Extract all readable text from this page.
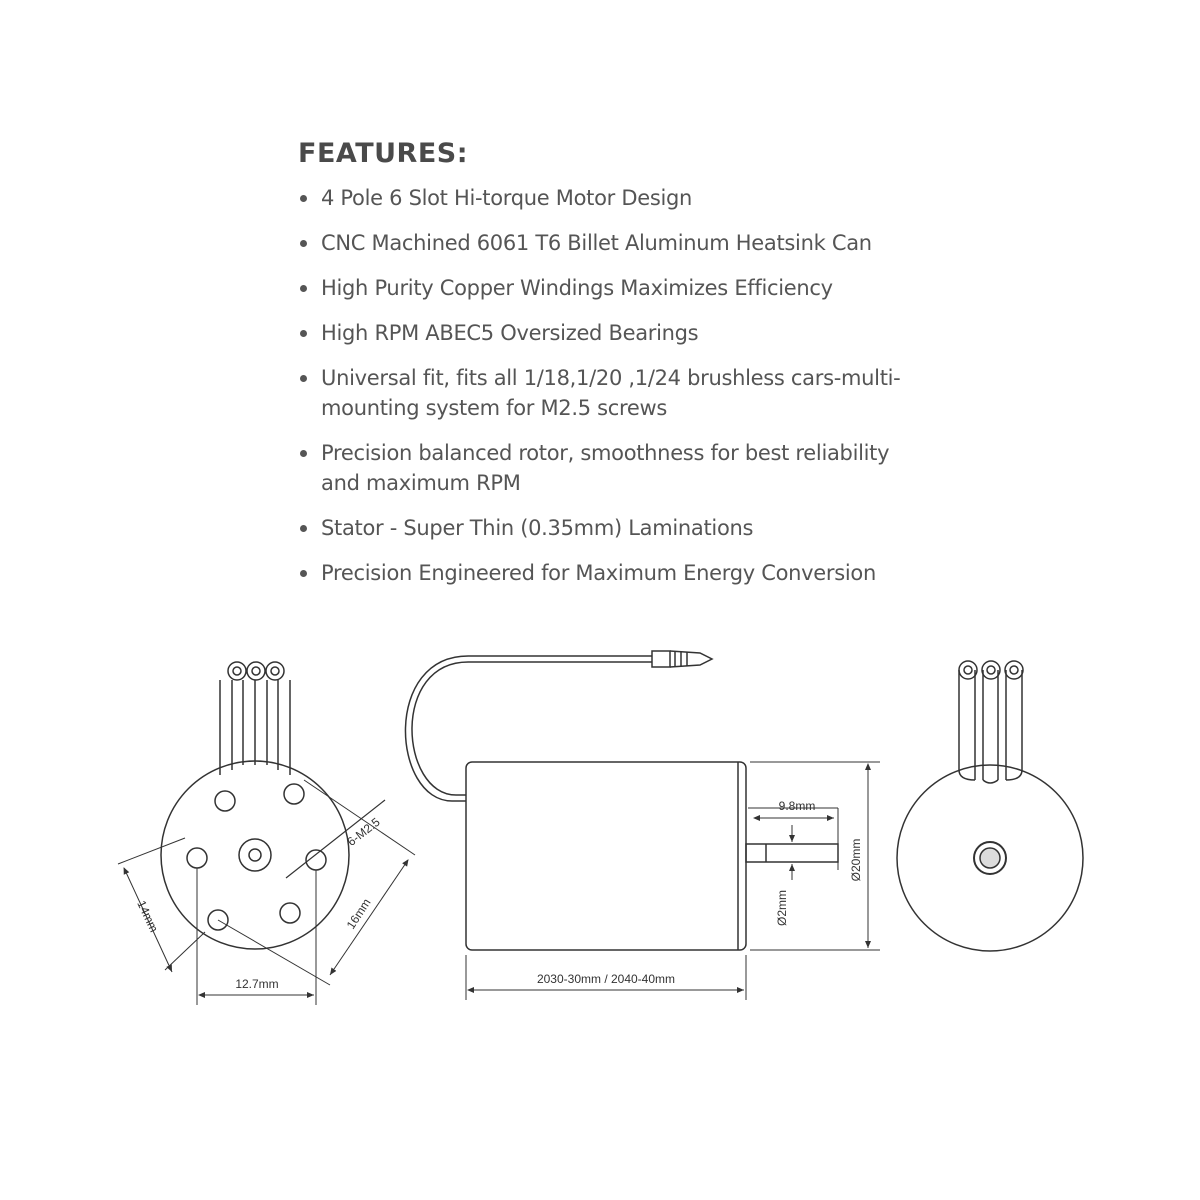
FEATURES:
4 Pole 6 Slot Hi-torque Motor Design
CNC Machined 6061 T6 Billet Aluminum Heatsink Can
High Purity Copper Windings Maximizes Efficiency
High RPM ABEC5 Oversized Bearings
Universal fit, fits all 1/18,1/20 ,1/24 brushless cars-multi-
mounting system for M2.5 screws
Precision balanced rotor, smoothness for best reliability
and maximum RPM
Stator - Super Thin (0.35mm) Laminations
Precision Engineered for Maximum Energy Conversion
6-M2.5
14mm	16mm
12.7mm
9.8mm
Ø2mm
Ø20mm
2030-30mm / 2040-40mm
